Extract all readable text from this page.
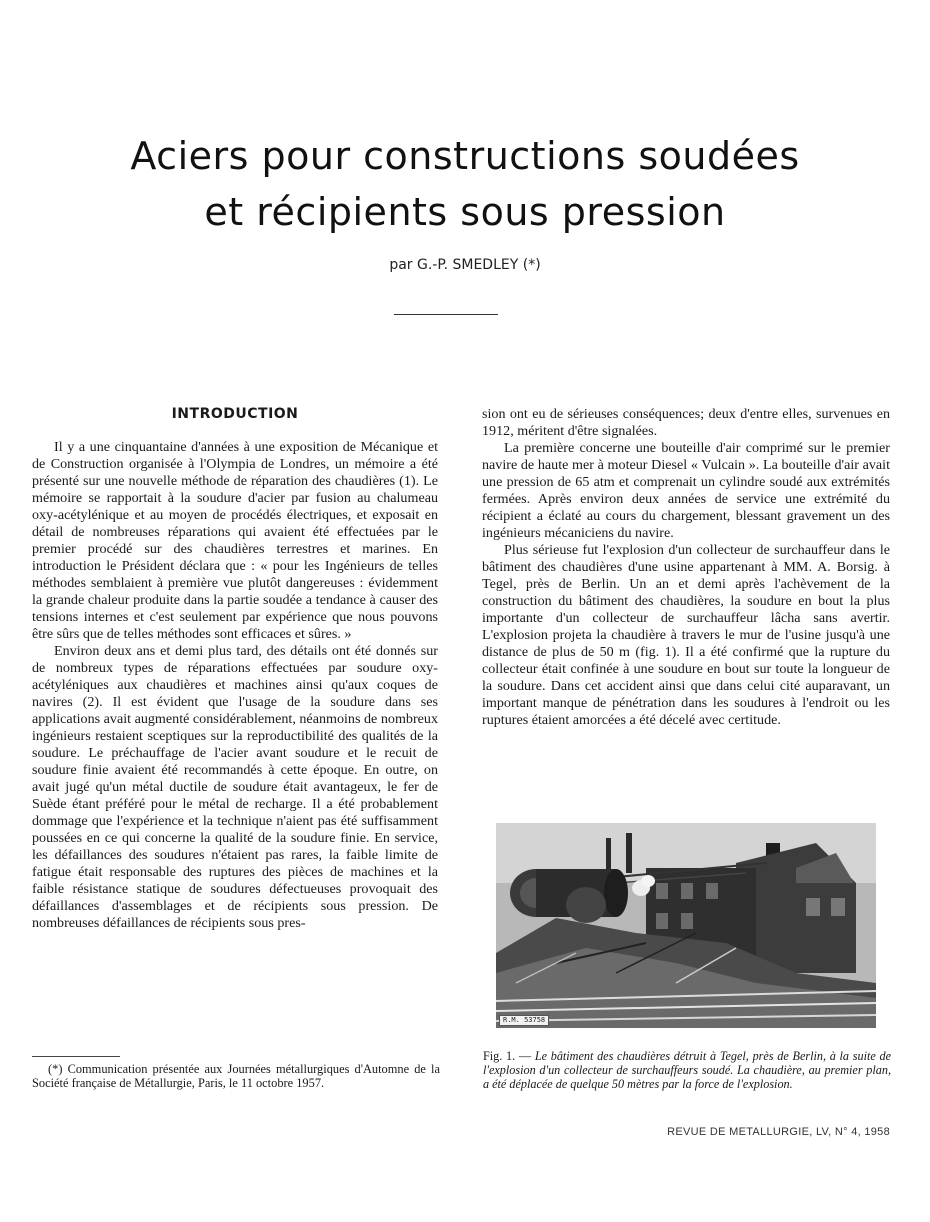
Aciers pour constructions soudées
et récipients sous pression
par G.-P. SMEDLEY (*)
INTRODUCTION

Il y a une cinquantaine d'années à une exposition de Mécanique et de Construction organisée à l'Olympia de Londres, un mémoire a été présenté sur une nouvelle méthode de réparation des chaudières (1). Le mémoire se rapportait à la soudure d'acier par fusion au chalumeau oxy-acétylénique et au moyen de procédés électriques, et exposait en détail de nombreuses réparations qui avaient été effectuées par le premier procédé sur des chaudières terrestres et marines. En introduction le Président déclara que : « pour les Ingénieurs de telles méthodes semblaient à première vue plutôt dangereuses : évidemment la grande chaleur produite dans la partie soudée a tendance à causer des tensions internes et c'est seulement par expérience que nous pouvons être sûrs que de telles méthodes sont efficaces et sûres. »

Environ deux ans et demi plus tard, des détails ont été donnés sur de nombreux types de réparations effectuées par soudure oxy-acétyléniques aux chaudières et machines ainsi qu'aux coques de navires (2). Il est évident que l'usage de la soudure dans ses applications avait augmenté considérablement, néanmoins de nombreux ingénieurs restaient sceptiques sur la reproductibilité des qualités de la soudure. Le préchauffage de l'acier avant soudure et le recuit de soudure finie avaient été recommandés à cette époque. En outre, on avait jugé qu'un métal ductile de soudure était avantageux, le fer de Suède étant préféré pour le métal de recharge. Il a été probablement dommage que l'expérience et la technique n'aient pas été suffisamment poussées en ce qui concerne la qualité de la soudure finie. En service, les défaillances des soudures n'étaient pas rares, la faible limite de fatigue était responsable des ruptures des pièces de machines et la faible résistance statique de soudures défectueuses provoquait des défaillances d'assemblages et de récipients sous pression. De nombreuses défaillances de récipients sous pres-

sion ont eu de sérieuses conséquences; deux d'entre elles, survenues en 1912, méritent d'être signalées.

La première concerne une bouteille d'air comprimé sur le premier navire de haute mer à moteur Diesel « Vulcain ». La bouteille d'air avait une pression de 65 atm et comprenait un cylindre soudé aux extrémités fermées. Après environ deux années de service une extrémité du récipient a éclaté au cours du chargement, blessant gravement un des ingénieurs mécaniciens du navire.

Plus sérieuse fut l'explosion d'un collecteur de surchauffeur dans le bâtiment des chaudières d'une usine appartenant à MM. A. Borsig. à Tegel, près de Berlin. Un an et demi après l'achèvement de la construction du bâtiment des chaudières, la soudure en bout la plus importante d'un collecteur de surchauffeur lâcha sans avertir. L'explosion projeta la chaudière à travers le mur de l'usine jusqu'à une distance de plus de 50 m (fig. 1). Il a été confirmé que la rupture du collecteur était confinée à une soudure en bout sur toute la longueur de la soudure. Dans cet accident ainsi que dans celui cité auparavant, un important manque de pénétration dans les soudures à l'endroit ou les ruptures étaient amorcées a été décelé avec certitude.

R.M. 53758

Fig. 1. — Le bâtiment des chaudières détruit à Tegel, près de Berlin, à la suite de l'explosion d'un collecteur de surchauffeurs soudé. La chaudière, au premier plan, a été déplacée de quelque 50 mètres par la force de l'explosion.

(*) Communication présentée aux Journées métallurgiques d'Automne de la Société française de Métallurgie, Paris, le 11 octobre 1957.

REVUE DE METALLURGIE, LV, N° 4, 1958
